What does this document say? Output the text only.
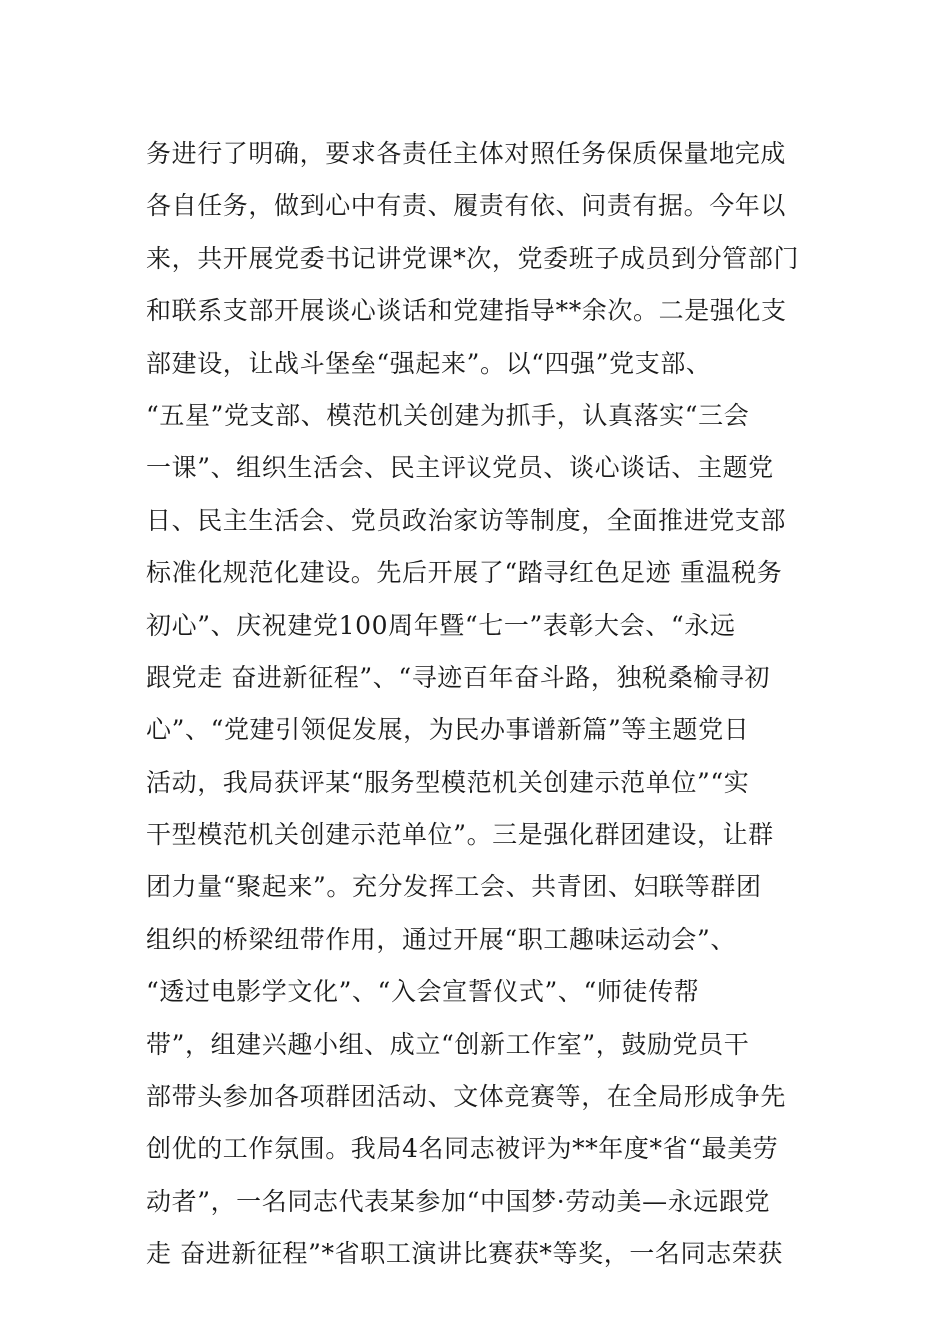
务进行了明确，要求各责任主体对照任务保质保量地完成
各自任务，做到心中有责、履责有依、问责有据。今年以
来，共开展党委书记讲党课*次，党委班子成员到分管部门
和联系支部开展谈心谈话和党建指导**余次。二是强化支
部建设，让战斗堡垒“强起来”。以“四强”党支部、
“五星”党支部、模范机关创建为抓手，认真落实“三会
一课”、组织生活会、民主评议党员、谈心谈话、主题党
日、民主生活会、党员政治家访等制度，全面推进党支部
标准化规范化建设。先后开展了“踏寻红色足迹 重温税务
初心”、庆祝建党100周年暨“七一”表彰大会、“永远
跟党走 奋进新征程”、“寻迹百年奋斗路，独税桑榆寻初
心”、“党建引领促发展，为民办事谱新篇”等主题党日
活动，我局获评某“服务型模范机关创建示范单位”“实
干型模范机关创建示范单位”。三是强化群团建设，让群
团力量“聚起来”。充分发挥工会、共青团、妇联等群团
组织的桥梁纽带作用，通过开展“职工趣味运动会”、
“透过电影学文化”、“入会宣誓仪式”、“师徒传帮
带”，组建兴趣小组、成立“创新工作室”，鼓励党员干
部带头参加各项群团活动、文体竞赛等，在全局形成争先
创优的工作氛围。我局4名同志被评为**年度*省“最美劳
动者”，一名同志代表某参加“中国梦·劳动美—永远跟党
走 奋进新征程”*省职工演讲比赛获*等奖，一名同志荣获
